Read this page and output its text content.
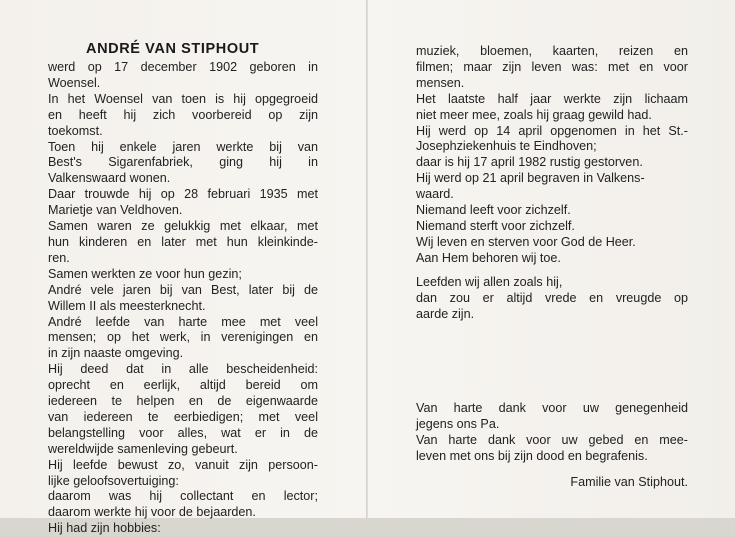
ANDRÉ VAN STIPHOUT
werd op 17 december 1902 geboren in
Woensel.
In het Woensel van toen is hij opgegroeid
en heeft hij zich voorbereid op zijn
toekomst.
Toen hij enkele jaren werkte bij van
Best's Sigarenfabriek, ging hij in
Valkenswaard wonen.
Daar trouwde hij op 28 februari 1935 met
Marietje van Veldhoven.
Samen waren ze gelukkig met elkaar, met
hun kinderen en later met hun kleinkinde-
ren.
Samen werkten ze voor hun gezin;
André vele jaren bij van Best, later bij de
Willem II als meesterknecht.
André leefde van harte mee met veel
mensen; op het werk, in verenigingen en
in zijn naaste omgeving.
Hij deed dat in alle bescheidenheid:
oprecht en eerlijk, altijd bereid om
iedereen te helpen en de eigenwaarde
van iedereen te eerbiedigen; met veel
belangstelling voor alles, wat er in de
wereldwijde samenleving gebeurt.
Hij leefde bewust zo, vanuit zijn persoon-
lijke geloofsovertuiging:
daarom was hij collectant en lector;
daarom werkte hij voor de bejaarden.
Hij had zijn hobbies:
muziek, bloemen, kaarten, reizen en
filmen; maar zijn leven was: met en voor
mensen.
Het laatste half jaar werkte zijn lichaam
niet meer mee, zoals hij graag gewild had.
Hij werd op 14 april opgenomen in het St.-
Josephziekenhuis te Eindhoven;
daar is hij 17 april 1982 rustig gestorven.
Hij werd op 21 april begraven in Valkens-
waard.
Niemand leeft voor zichzelf.
Niemand sterft voor zichzelf.
Wij leven en sterven voor God de Heer.
Aan Hem behoren wij toe.
Leefden wij allen zoals hij,
dan zou er altijd vrede en vreugde op
aarde zijn.
Van harte dank voor uw genegenheid
jegens ons Pa.
Van harte dank voor uw gebed en mee-
leven met ons bij zijn dood en begrafenis.
Familie van Stiphout.
